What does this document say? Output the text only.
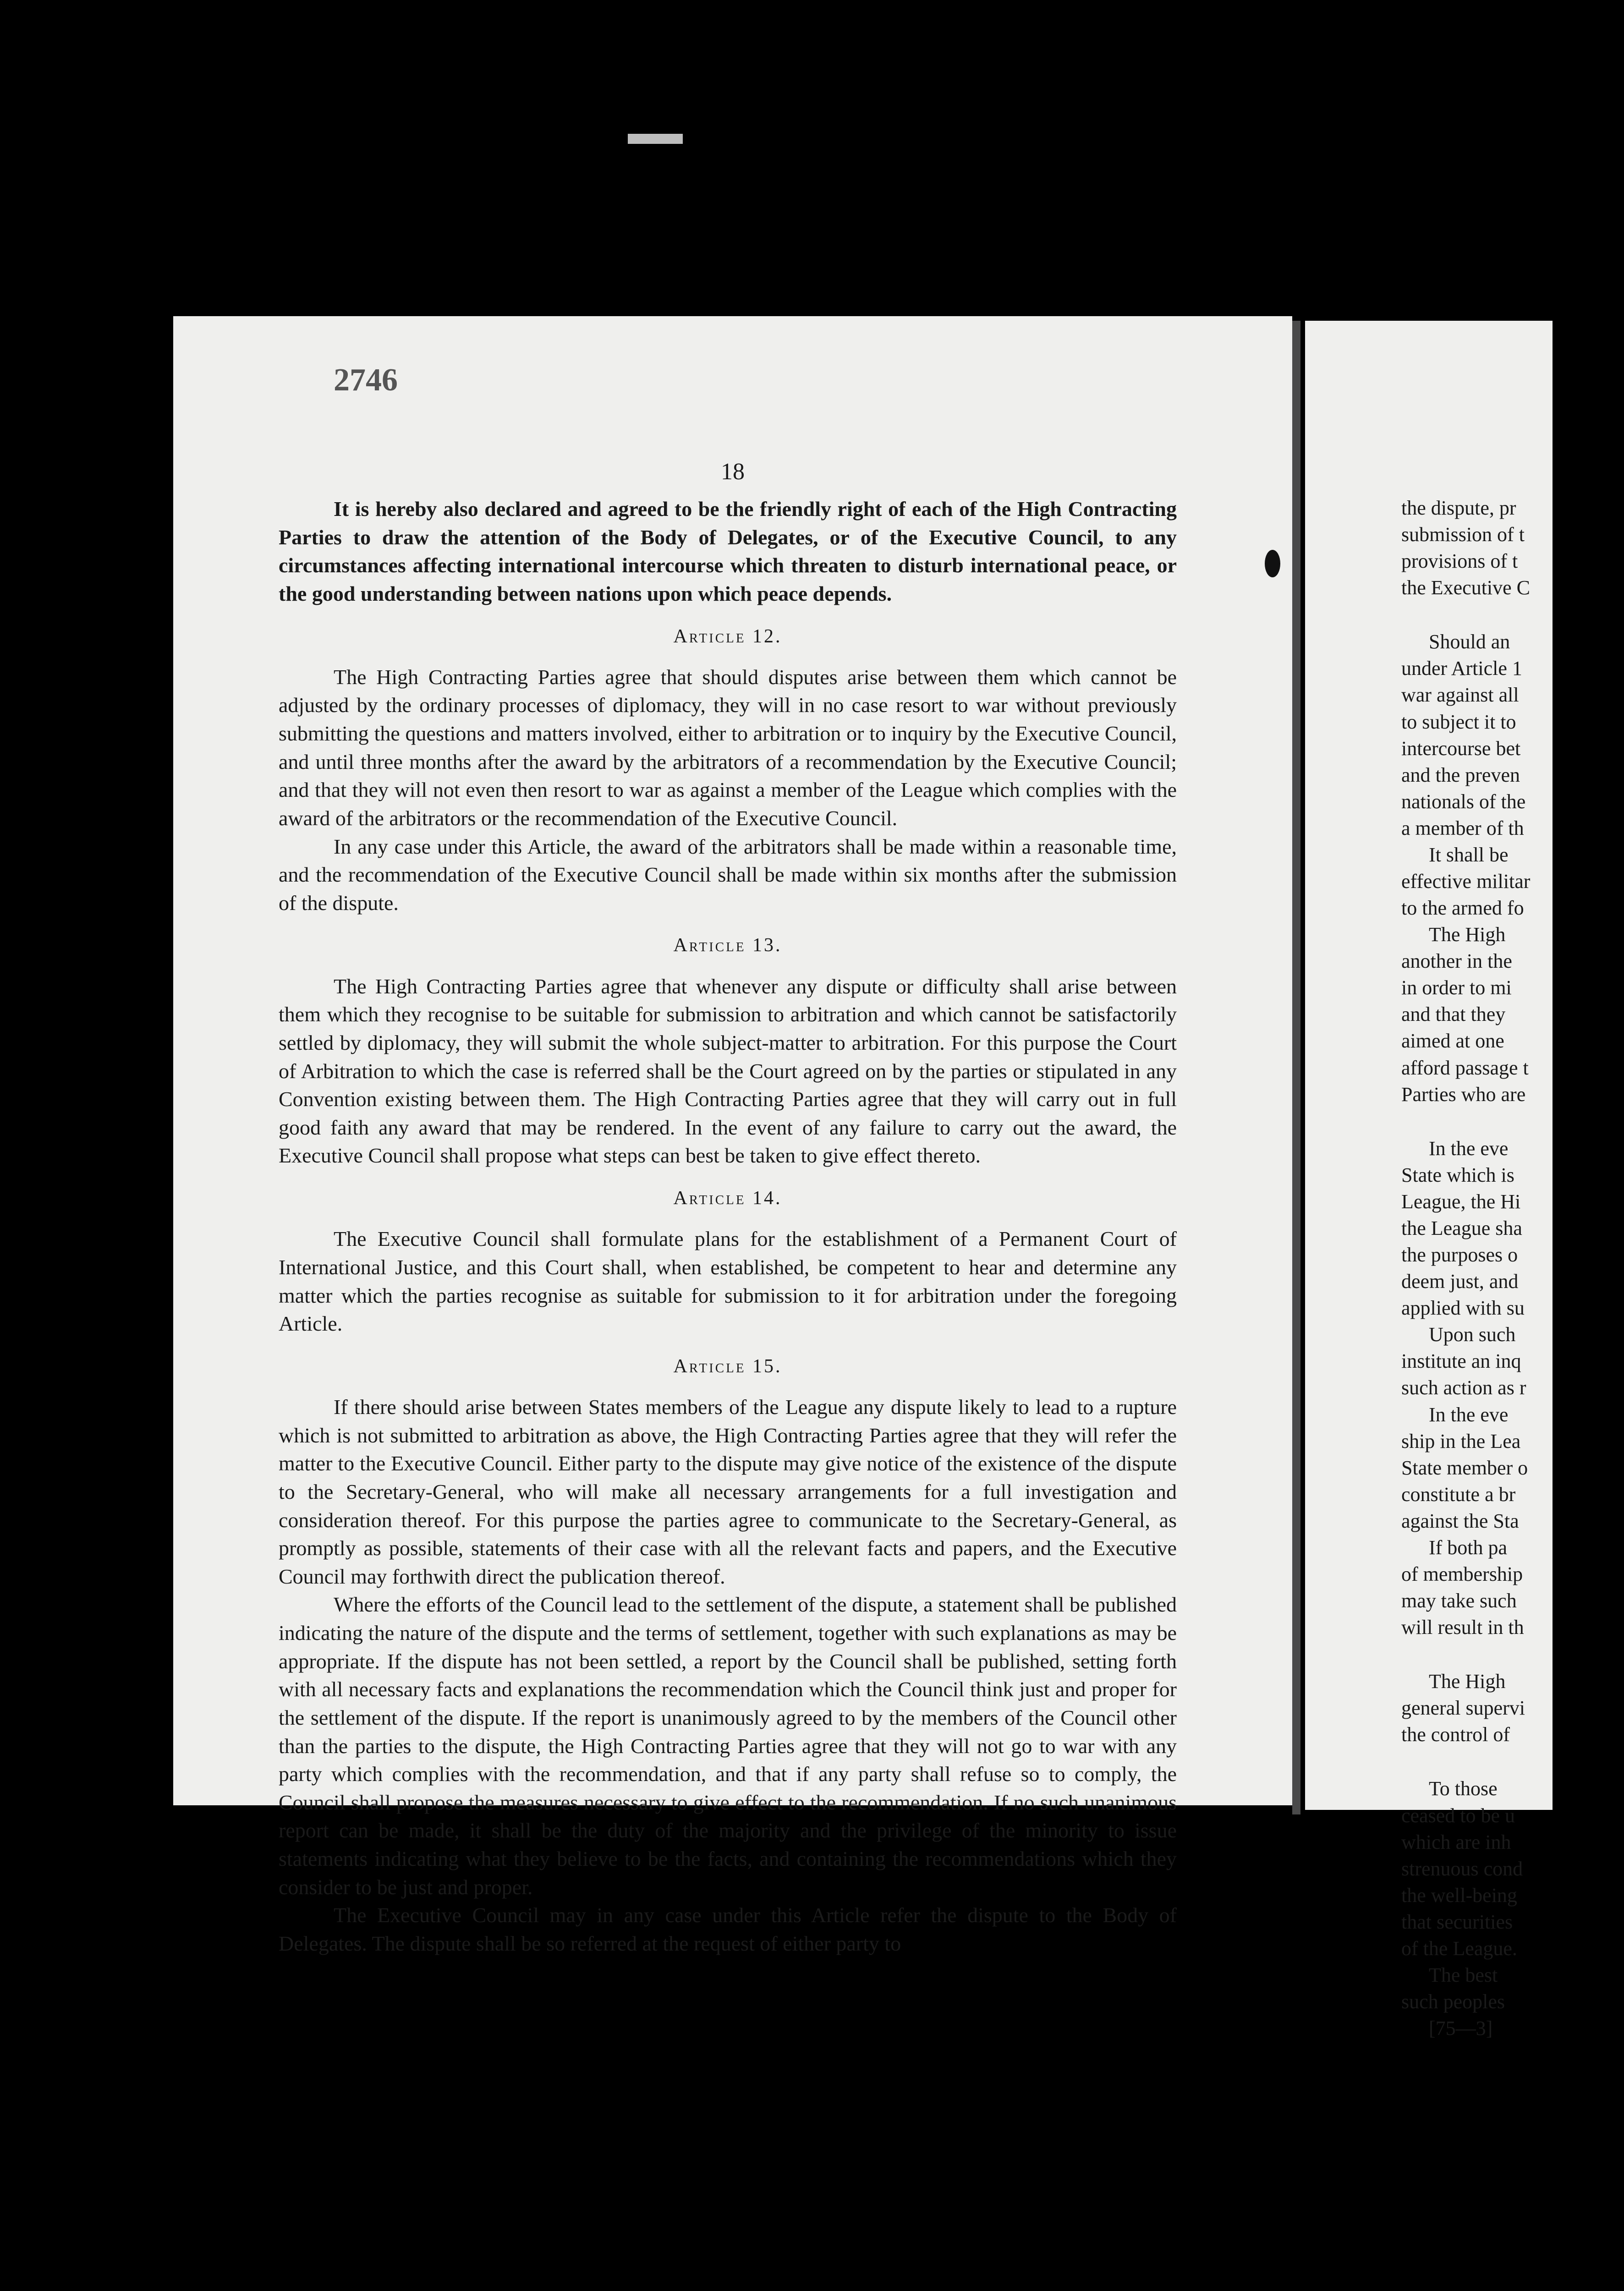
2746
18

It is hereby also declared and agreed to be the friendly right of each of the High Contracting Parties to draw the attention of the Body of Delegates, or of the Executive Council, to any circumstances affecting international intercourse which threaten to disturb international peace, or the good understanding between nations upon which peace depends.

Article 12.

The High Contracting Parties agree that should disputes arise between them which cannot be adjusted by the ordinary processes of diplomacy, they will in no case resort to war without previously submitting the questions and matters involved, either to arbitration or to inquiry by the Executive Council, and until three months after the award by the arbitrators of a recommendation by the Executive Council; and that they will not even then resort to war as against a member of the League which complies with the award of the arbitrators or the recommendation of the Executive Council.

In any case under this Article, the award of the arbitrators shall be made within a reasonable time, and the recommendation of the Executive Council shall be made within six months after the submission of the dispute.

Article 13.

The High Contracting Parties agree that whenever any dispute or difficulty shall arise between them which they recognise to be suitable for submission to arbitration and which cannot be satisfactorily settled by diplomacy, they will submit the whole subject-matter to arbitration. For this purpose the Court of Arbitration to which the case is referred shall be the Court agreed on by the parties or stipulated in any Convention existing between them. The High Contracting Parties agree that they will carry out in full good faith any award that may be rendered. In the event of any failure to carry out the award, the Executive Council shall propose what steps can best be taken to give effect thereto.

Article 14.

The Executive Council shall formulate plans for the establishment of a Permanent Court of International Justice, and this Court shall, when established, be competent to hear and determine any matter which the parties recognise as suitable for submission to it for arbitration under the foregoing Article.

Article 15.

If there should arise between States members of the League any dispute likely to lead to a rupture which is not submitted to arbitration as above, the High Contracting Parties agree that they will refer the matter to the Executive Council. Either party to the dispute may give notice of the existence of the dispute to the Secretary-General, who will make all necessary arrangements for a full investigation and consideration thereof. For this purpose the parties agree to communicate to the Secretary-General, as promptly as possible, statements of their case with all the relevant facts and papers, and the Executive Council may forthwith direct the publication thereof.

Where the efforts of the Council lead to the settlement of the dispute, a statement shall be published indicating the nature of the dispute and the terms of settlement, together with such explanations as may be appropriate. If the dispute has not been settled, a report by the Council shall be published, setting forth with all necessary facts and explanations the recommendation which the Council think just and proper for the settlement of the dispute. If the report is unanimously agreed to by the members of the Council other than the parties to the dispute, the High Contracting Parties agree that they will not go to war with any party which complies with the recommendation, and that if any party shall refuse so to comply, the Council shall propose the measures necessary to give effect to the recommendation. If no such unanimous report can be made, it shall be the duty of the majority and the privilege of the minority to issue statements indicating what they believe to be the facts, and containing the recommendations which they consider to be just and proper.

The Executive Council may in any case under this Article refer the dispute to the Body of Delegates. The dispute shall be so referred at the request of either party to

the dispute, pr
submission of t
provisions of t
the Executive C
Should an
under Article 1
war against all
to subject it to
intercourse bet
and the preven
nationals of the
a member of th
It shall be
effective militar
to the armed fo
The High
another in the
in order to mi
and that they
aimed at one
afford passage t
Parties who are
In the eve
State which is
League, the Hi
the League sha
the purposes o
deem just, and
applied with su
Upon such
institute an inq
such action as r
In the eve
ship in the Lea
State member o
constitute a br
against the Sta
If both pa
of membership
may take such
will result in th
The High
general supervi
the control of
To those
ceased to be u
which are inh
strenuous cond
the well-being
that securities
of the League.
The best
such peoples
[75—3]
